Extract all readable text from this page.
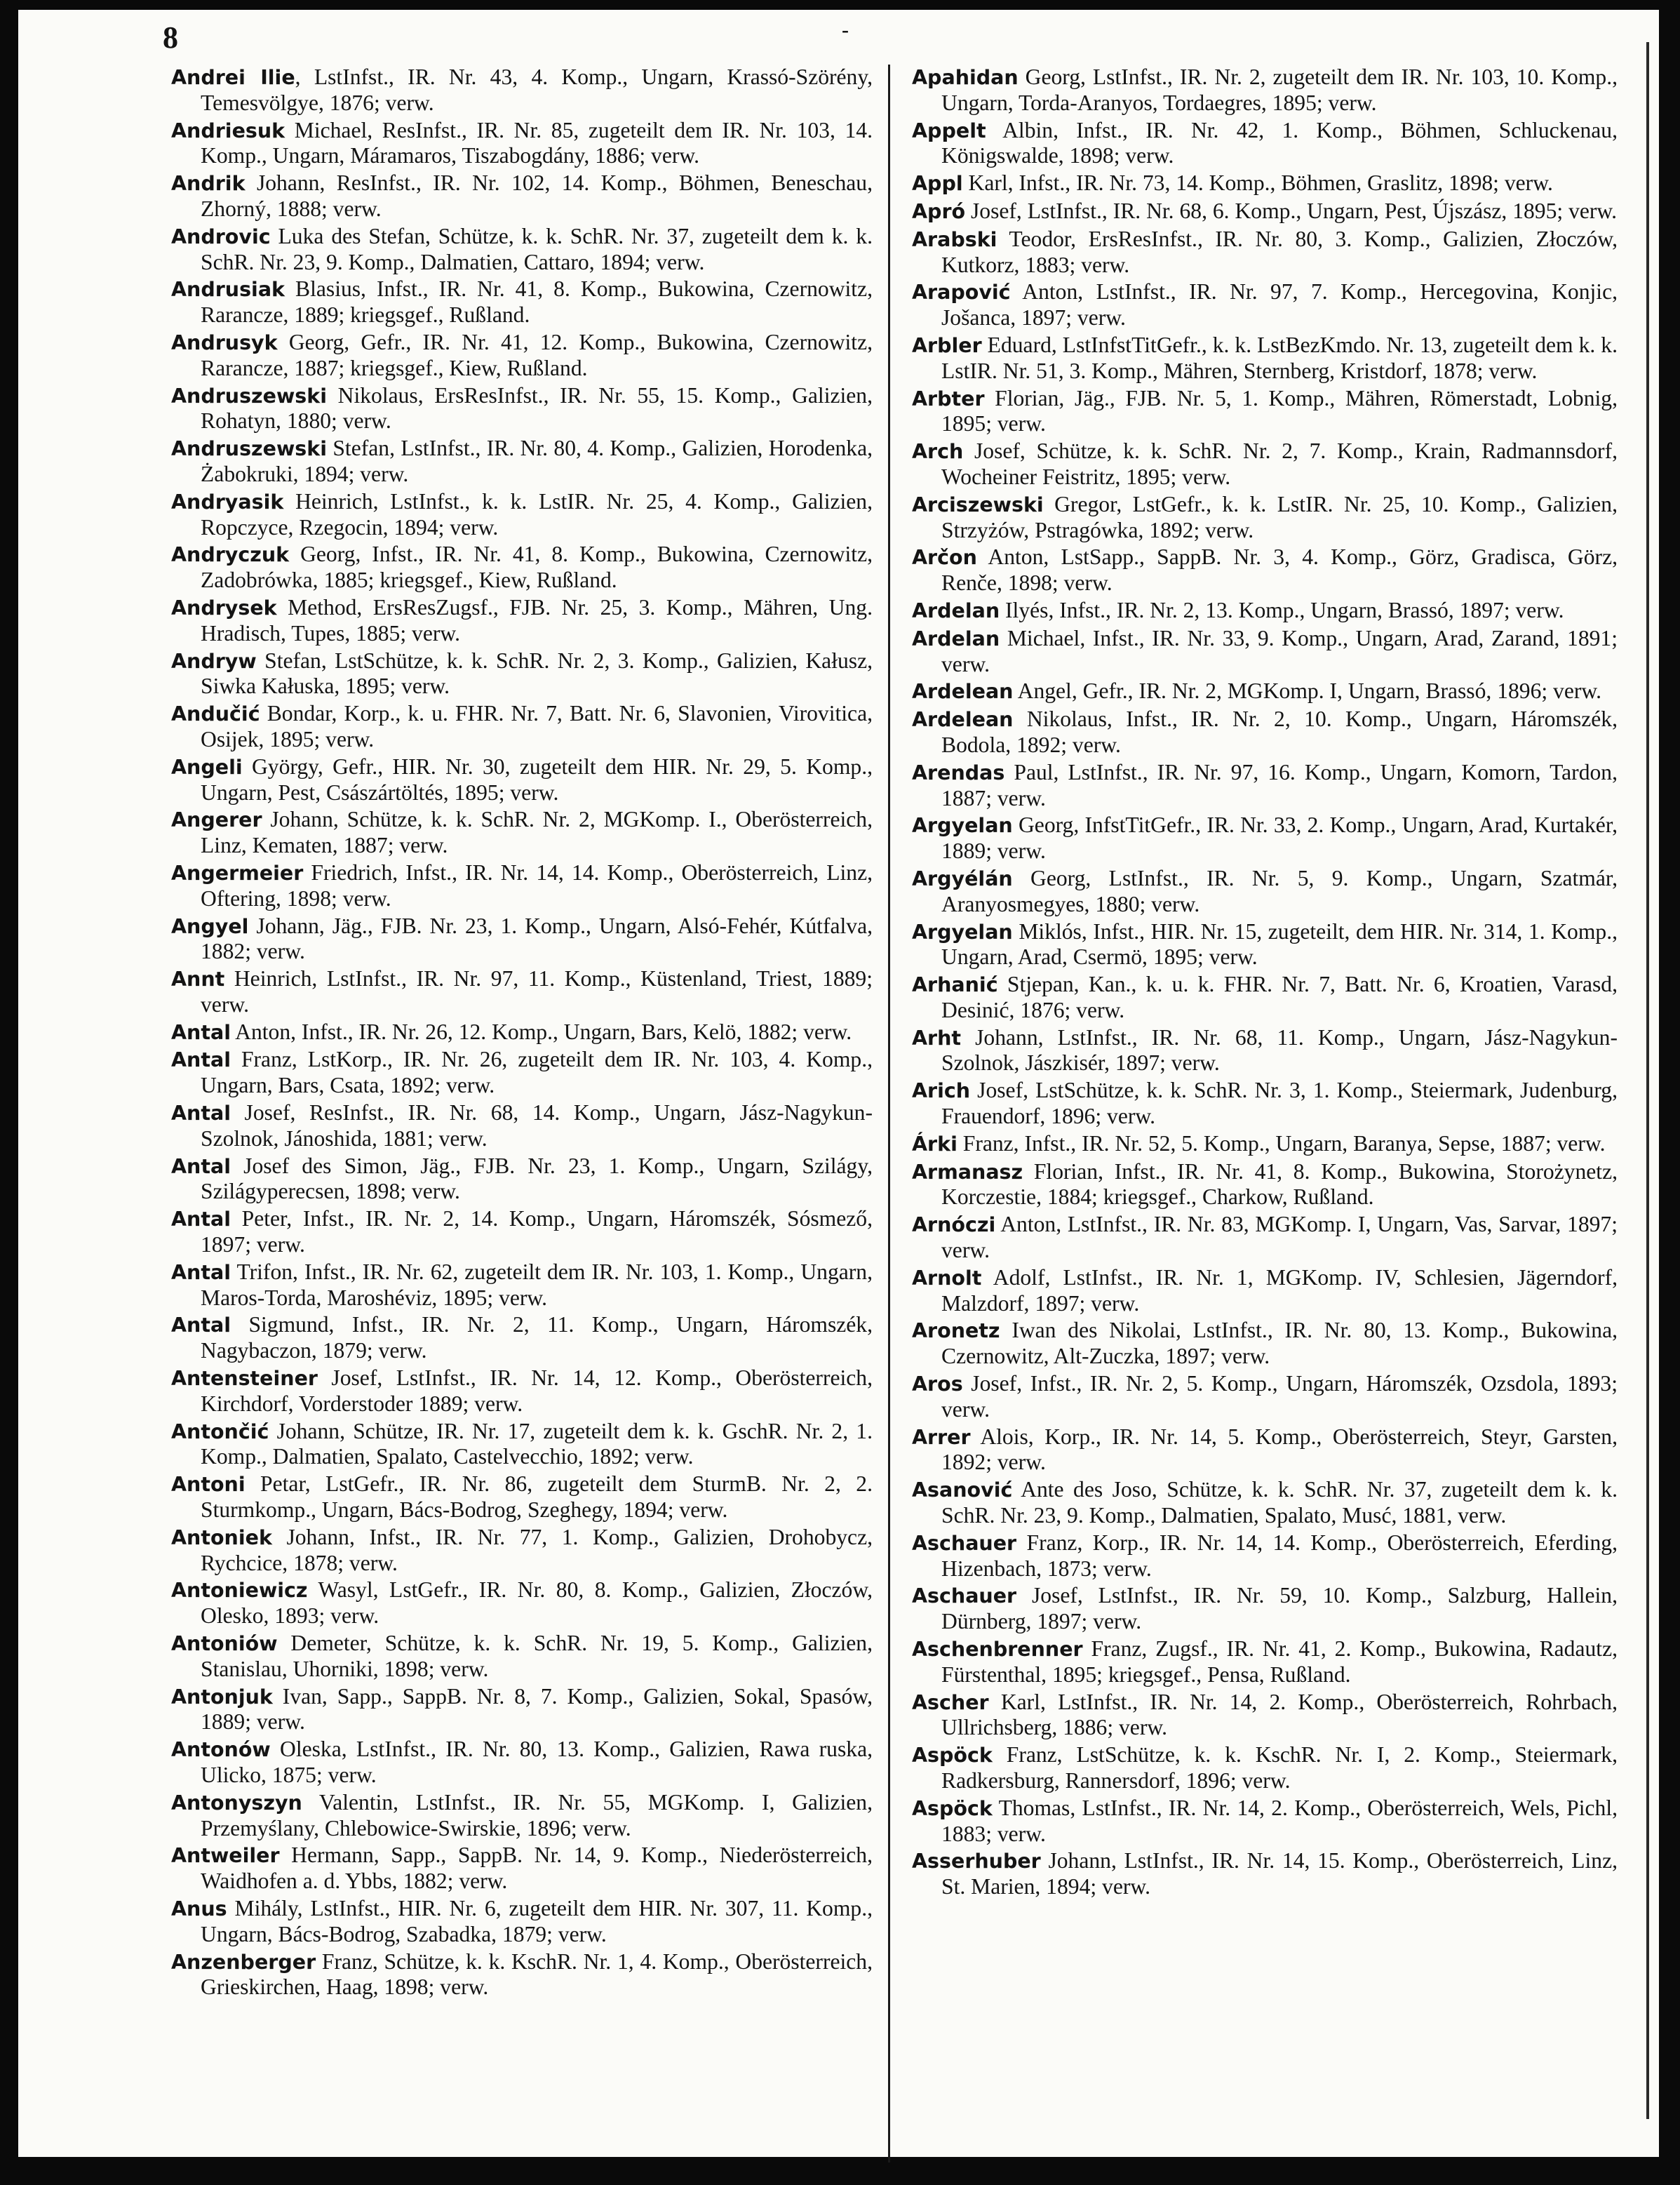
8	-

Andrei Ilie, LstInfst., IR. Nr. 43, 4. Komp., Ungarn, Krassó-Szörény, Temesvölgye, 1876; verw.

Andriesuk Michael, ResInfst., IR. Nr. 85, zugeteilt dem IR. Nr. 103, 14. Komp., Ungarn, Máramaros, Tiszabogdány, 1886; verw.

Andrik Johann, ResInfst., IR. Nr. 102, 14. Komp., Böhmen, Beneschau, Zhorný, 1888; verw.

Androvic Luka des Stefan, Schütze, k. k. SchR. Nr. 37, zugeteilt dem k. k. SchR. Nr. 23, 9. Komp., Dalmatien, Cattaro, 1894; verw.

Andrusiak Blasius, Infst., IR. Nr. 41, 8. Komp., Bukowina, Czernowitz, Rarancze, 1889; kriegsgef., Rußland.

Andrusyk Georg, Gefr., IR. Nr. 41, 12. Komp., Bukowina, Czernowitz, Rarancze, 1887; kriegsgef., Kiew, Rußland.

Andruszewski Nikolaus, ErsResInfst., IR. Nr. 55, 15. Komp., Galizien, Rohatyn, 1880; verw.

Andruszewski Stefan, LstInfst., IR. Nr. 80, 4. Komp., Galizien, Horodenka, Żabokruki, 1894; verw.

Andryasik Heinrich, LstInfst., k. k. LstIR. Nr. 25, 4. Komp., Galizien, Ropczyce, Rzegocin, 1894; verw.

Andryczuk Georg, Infst., IR. Nr. 41, 8. Komp., Bukowina, Czernowitz, Zadobrówka, 1885; kriegsgef., Kiew, Rußland.

Andrysek Method, ErsResZugsf., FJB. Nr. 25, 3. Komp., Mähren, Ung. Hradisch, Tupes, 1885; verw.

Andryw Stefan, LstSchütze, k. k. SchR. Nr. 2, 3. Komp., Galizien, Kałusz, Siwka Kałuska, 1895; verw.

Andučić Bondar, Korp., k. u. FHR. Nr. 7, Batt. Nr. 6, Slavonien, Virovitica, Osijek, 1895; verw.

Angeli György, Gefr., HIR. Nr. 30, zugeteilt dem HIR. Nr. 29, 5. Komp., Ungarn, Pest, Császártöltés, 1895; verw.

Angerer Johann, Schütze, k. k. SchR. Nr. 2, MGKomp. I., Oberösterreich, Linz, Kematen, 1887; verw.

Angermeier Friedrich, Infst., IR. Nr. 14, 14. Komp., Oberösterreich, Linz, Oftering, 1898; verw.

Angyel Johann, Jäg., FJB. Nr. 23, 1. Komp., Ungarn, Alsó-Fehér, Kútfalva, 1882; verw.

Annt Heinrich, LstInfst., IR. Nr. 97, 11. Komp., Küstenland, Triest, 1889; verw.

Antal Anton, Infst., IR. Nr. 26, 12. Komp., Ungarn, Bars, Kelö, 1882; verw.

Antal Franz, LstKorp., IR. Nr. 26, zugeteilt dem IR. Nr. 103, 4. Komp., Ungarn, Bars, Csata, 1892; verw.

Antal Josef, ResInfst., IR. Nr. 68, 14. Komp., Ungarn, Jász-Nagykun-Szolnok, Jánoshida, 1881; verw.

Antal Josef des Simon, Jäg., FJB. Nr. 23, 1. Komp., Ungarn, Szilágy, Szilágyperecsen, 1898; verw.

Antal Peter, Infst., IR. Nr. 2, 14. Komp., Ungarn, Háromszék, Sósmező, 1897; verw.

Antal Trifon, Infst., IR. Nr. 62, zugeteilt dem IR. Nr. 103, 1. Komp., Ungarn, Maros-Torda, Maroshéviz, 1895; verw.

Antal Sigmund, Infst., IR. Nr. 2, 11. Komp., Ungarn, Háromszék, Nagybaczon, 1879; verw.

Antensteiner Josef, LstInfst., IR. Nr. 14, 12. Komp., Oberösterreich, Kirchdorf, Vorderstoder 1889; verw.

Antončić Johann, Schütze, IR. Nr. 17, zugeteilt dem k. k. GschR. Nr. 2, 1. Komp., Dalmatien, Spalato, Castelvecchio, 1892; verw.

Antoni Petar, LstGefr., IR. Nr. 86, zugeteilt dem SturmB. Nr. 2, 2. Sturmkomp., Ungarn, Bács-Bodrog, Szeghegy, 1894; verw.

Antoniek Johann, Infst., IR. Nr. 77, 1. Komp., Galizien, Drohobycz, Rychcice, 1878; verw.

Antoniewicz Wasyl, LstGefr., IR. Nr. 80, 8. Komp., Galizien, Złoczów, Olesko, 1893; verw.

Antoniów Demeter, Schütze, k. k. SchR. Nr. 19, 5. Komp., Galizien, Stanislau, Uhorniki, 1898; verw.

Antonjuk Ivan, Sapp., SappB. Nr. 8, 7. Komp., Galizien, Sokal, Spasów, 1889; verw.

Antonów Oleska, LstInfst., IR. Nr. 80, 13. Komp., Galizien, Rawa ruska, Ulicko, 1875; verw.

Antonyszyn Valentin, LstInfst., IR. Nr. 55, MGKomp. I, Galizien, Przemyślany, Chlebowice-Swirskie, 1896; verw.

Antweiler Hermann, Sapp., SappB. Nr. 14, 9. Komp., Niederösterreich, Waidhofen a. d. Ybbs, 1882; verw.

Anus Mihály, LstInfst., HIR. Nr. 6, zugeteilt dem HIR. Nr. 307, 11. Komp., Ungarn, Bács-Bodrog, Szabadka, 1879; verw.

Anzenberger Franz, Schütze, k. k. KschR. Nr. 1, 4. Komp., Oberösterreich, Grieskirchen, Haag, 1898; verw.

Apahidan Georg, LstInfst., IR. Nr. 2, zugeteilt dem IR. Nr. 103, 10. Komp., Ungarn, Torda-Aranyos, Tordaegres, 1895; verw.

Appelt Albin, Infst., IR. Nr. 42, 1. Komp., Böhmen, Schluckenau, Königswalde, 1898; verw.

Appl Karl, Infst., IR. Nr. 73, 14. Komp., Böhmen, Graslitz, 1898; verw.

Apró Josef, LstInfst., IR. Nr. 68, 6. Komp., Ungarn, Pest, Újszász, 1895; verw.

Arabski Teodor, ErsResInfst., IR. Nr. 80, 3. Komp., Galizien, Złoczów, Kutkorz, 1883; verw.

Arapović Anton, LstInfst., IR. Nr. 97, 7. Komp., Hercegovina, Konjic, Jošanca, 1897; verw.

Arbler Eduard, LstInfstTitGefr., k. k. LstBezKmdo. Nr. 13, zugeteilt dem k. k. LstIR. Nr. 51, 3. Komp., Mähren, Sternberg, Kristdorf, 1878; verw.

Arbter Florian, Jäg., FJB. Nr. 5, 1. Komp., Mähren, Römerstadt, Lobnig, 1895; verw.

Arch Josef, Schütze, k. k. SchR. Nr. 2, 7. Komp., Krain, Radmannsdorf, Wocheiner Feistritz, 1895; verw.

Arciszewski Gregor, LstGefr., k. k. LstIR. Nr. 25, 10. Komp., Galizien, Strzyżów, Pstragówka, 1892; verw.

Arčon Anton, LstSapp., SappB. Nr. 3, 4. Komp., Görz, Gradisca, Görz, Renče, 1898; verw.

Ardelan Ilyés, Infst., IR. Nr. 2, 13. Komp., Ungarn, Brassó, 1897; verw.

Ardelan Michael, Infst., IR. Nr. 33, 9. Komp., Ungarn, Arad, Zarand, 1891; verw.

Ardelean Angel, Gefr., IR. Nr. 2, MGKomp. I, Ungarn, Brassó, 1896; verw.

Ardelean Nikolaus, Infst., IR. Nr. 2, 10. Komp., Ungarn, Háromszék, Bodola, 1892; verw.

Arendas Paul, LstInfst., IR. Nr. 97, 16. Komp., Ungarn, Komorn, Tardon, 1887; verw.

Argyelan Georg, InfstTitGefr., IR. Nr. 33, 2. Komp., Ungarn, Arad, Kurtakér, 1889; verw.

Argyélán Georg, LstInfst., IR. Nr. 5, 9. Komp., Ungarn, Szatmár, Aranyosmegyes, 1880; verw.

Argyelan Miklós, Infst., HIR. Nr. 15, zugeteilt, dem HIR. Nr. 314, 1. Komp., Ungarn, Arad, Csermö, 1895; verw.

Arhanić Stjepan, Kan., k. u. k. FHR. Nr. 7, Batt. Nr. 6, Kroatien, Varasd, Desinić, 1876; verw.

Arht Johann, LstInfst., IR. Nr. 68, 11. Komp., Ungarn, Jász-Nagykun-Szolnok, Jászkisér, 1897; verw.

Arich Josef, LstSchütze, k. k. SchR. Nr. 3, 1. Komp., Steiermark, Judenburg, Frauendorf, 1896; verw.

Árki Franz, Infst., IR. Nr. 52, 5. Komp., Ungarn, Baranya, Sepse, 1887; verw.

Armanasz Florian, Infst., IR. Nr. 41, 8. Komp., Bukowina, Storożynetz, Korczestie, 1884; kriegsgef., Charkow, Rußland.

Arnóczi Anton, LstInfst., IR. Nr. 83, MGKomp. I, Ungarn, Vas, Sarvar, 1897; verw.

Arnolt Adolf, LstInfst., IR. Nr. 1, MGKomp. IV, Schlesien, Jägerndorf, Malzdorf, 1897; verw.

Aronetz Iwan des Nikolai, LstInfst., IR. Nr. 80, 13. Komp., Bukowina, Czernowitz, Alt-Zuczka, 1897; verw.

Aros Josef, Infst., IR. Nr. 2, 5. Komp., Ungarn, Háromszék, Ozsdola, 1893; verw.

Arrer Alois, Korp., IR. Nr. 14, 5. Komp., Oberösterreich, Steyr, Garsten, 1892; verw.

Asanović Ante des Joso, Schütze, k. k. SchR. Nr. 37, zugeteilt dem k. k. SchR. Nr. 23, 9. Komp., Dalmatien, Spalato, Musć, 1881, verw.

Aschauer Franz, Korp., IR. Nr. 14, 14. Komp., Oberösterreich, Eferding, Hizenbach, 1873; verw.

Aschauer Josef, LstInfst., IR. Nr. 59, 10. Komp., Salzburg, Hallein, Dürnberg, 1897; verw.

Aschenbrenner Franz, Zugsf., IR. Nr. 41, 2. Komp., Bukowina, Radautz, Fürstenthal, 1895; kriegsgef., Pensa, Rußland.

Ascher Karl, LstInfst., IR. Nr. 14, 2. Komp., Oberösterreich, Rohrbach, Ullrichsberg, 1886; verw.

Aspöck Franz, LstSchütze, k. k. KschR. Nr. I, 2. Komp., Steiermark, Radkersburg, Rannersdorf, 1896; verw.

Aspöck Thomas, LstInfst., IR. Nr. 14, 2. Komp., Oberösterreich, Wels, Pichl, 1883; verw.

Asserhuber Johann, LstInfst., IR. Nr. 14, 15. Komp., Oberösterreich, Linz, St. Marien, 1894; verw.
